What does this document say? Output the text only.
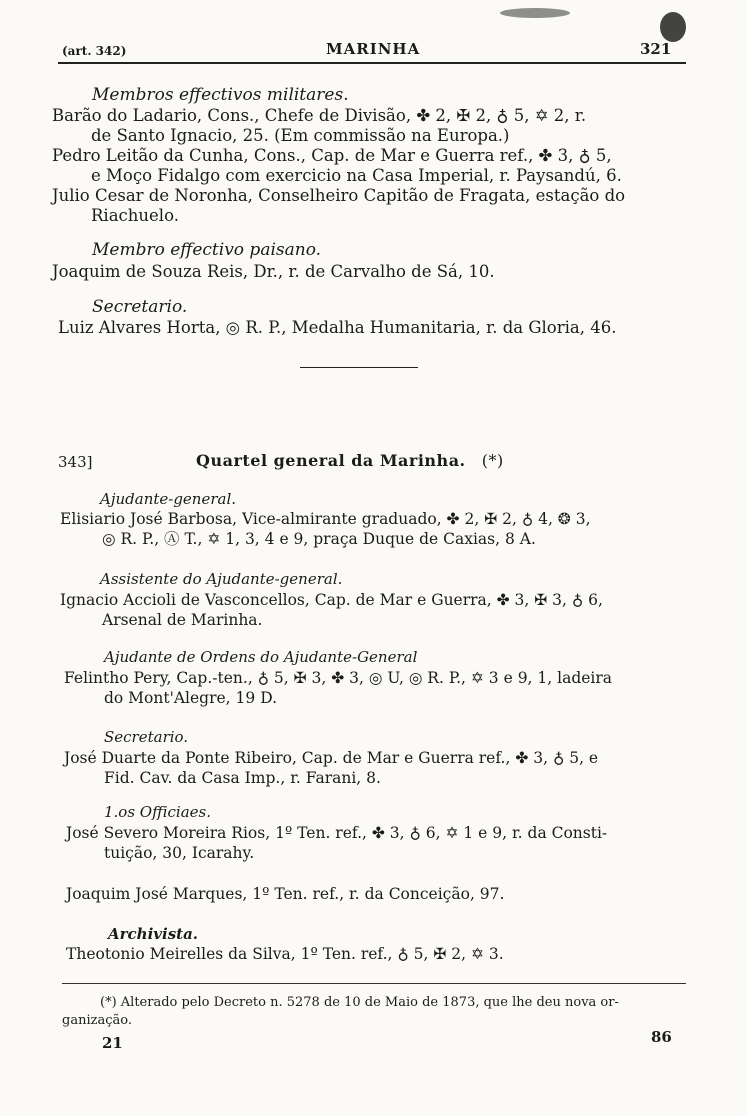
(art. 342)	MARINHA	321
Membros effectivos militares.
Barão do Ladario, Cons., Chefe de Divisão, ✤ 2, ✠ 2, ♁ 5, ✡ 2, r.
de Santo Ignacio, 25. (Em commissão na Europa.)
Pedro Leitão da Cunha, Cons., Cap. de Mar e Guerra ref., ✤ 3, ♁ 5,
e Moço Fidalgo com exercicio na Casa Imperial, r. Paysandú, 6.
Julio Cesar de Noronha, Conselheiro Capitão de Fragata, estação do
Riachuelo.
Membro effectivo paisano.
Joaquim de Souza Reis, Dr., r. de Carvalho de Sá, 10.
Secretario.
Luiz Alvares Horta, ◎ R. P., Medalha Humanitaria, r. da Gloria, 46.
343]	Quartel general da Marinha. (*)
Ajudante-general.
Elisiario José Barbosa, Vice-almirante graduado, ✤ 2, ✠ 2, ♁ 4, ❂ 3,
◎ R. P., Ⓐ T., ✡ 1, 3, 4 e 9, praça Duque de Caxias, 8 A.
Assistente do Ajudante-general.
Ignacio Accioli de Vasconcellos, Cap. de Mar e Guerra, ✤ 3, ✠ 3, ♁ 6,
Arsenal de Marinha.
Ajudante de Ordens do Ajudante-General
Felintho Pery, Cap.-ten., ♁ 5, ✠ 3, ✤ 3, ◎ U, ◎ R. P., ✡ 3 e 9, 1, ladeira
do Mont'Alegre, 19 D.
Secretario.
José Duarte da Ponte Ribeiro, Cap. de Mar e Guerra ref., ✤ 3, ♁ 5, e
Fid. Cav. da Casa Imp., r. Farani, 8.
1.os Officiaes.
José Severo Moreira Rios, 1º Ten. ref., ✤ 3, ♁ 6, ✡ 1 e 9, r. da Consti-
tuição, 30, Icarahy.
Joaquim José Marques, 1º Ten. ref., r. da Conceição, 97.
Archivista.
Theotonio Meirelles da Silva, 1º Ten. ref., ♁ 5, ✠ 2, ✡ 3.
(*) Alterado pelo Decreto n. 5278 de 10 de Maio de 1873, que lhe deu nova or-
ganização.
21	86
